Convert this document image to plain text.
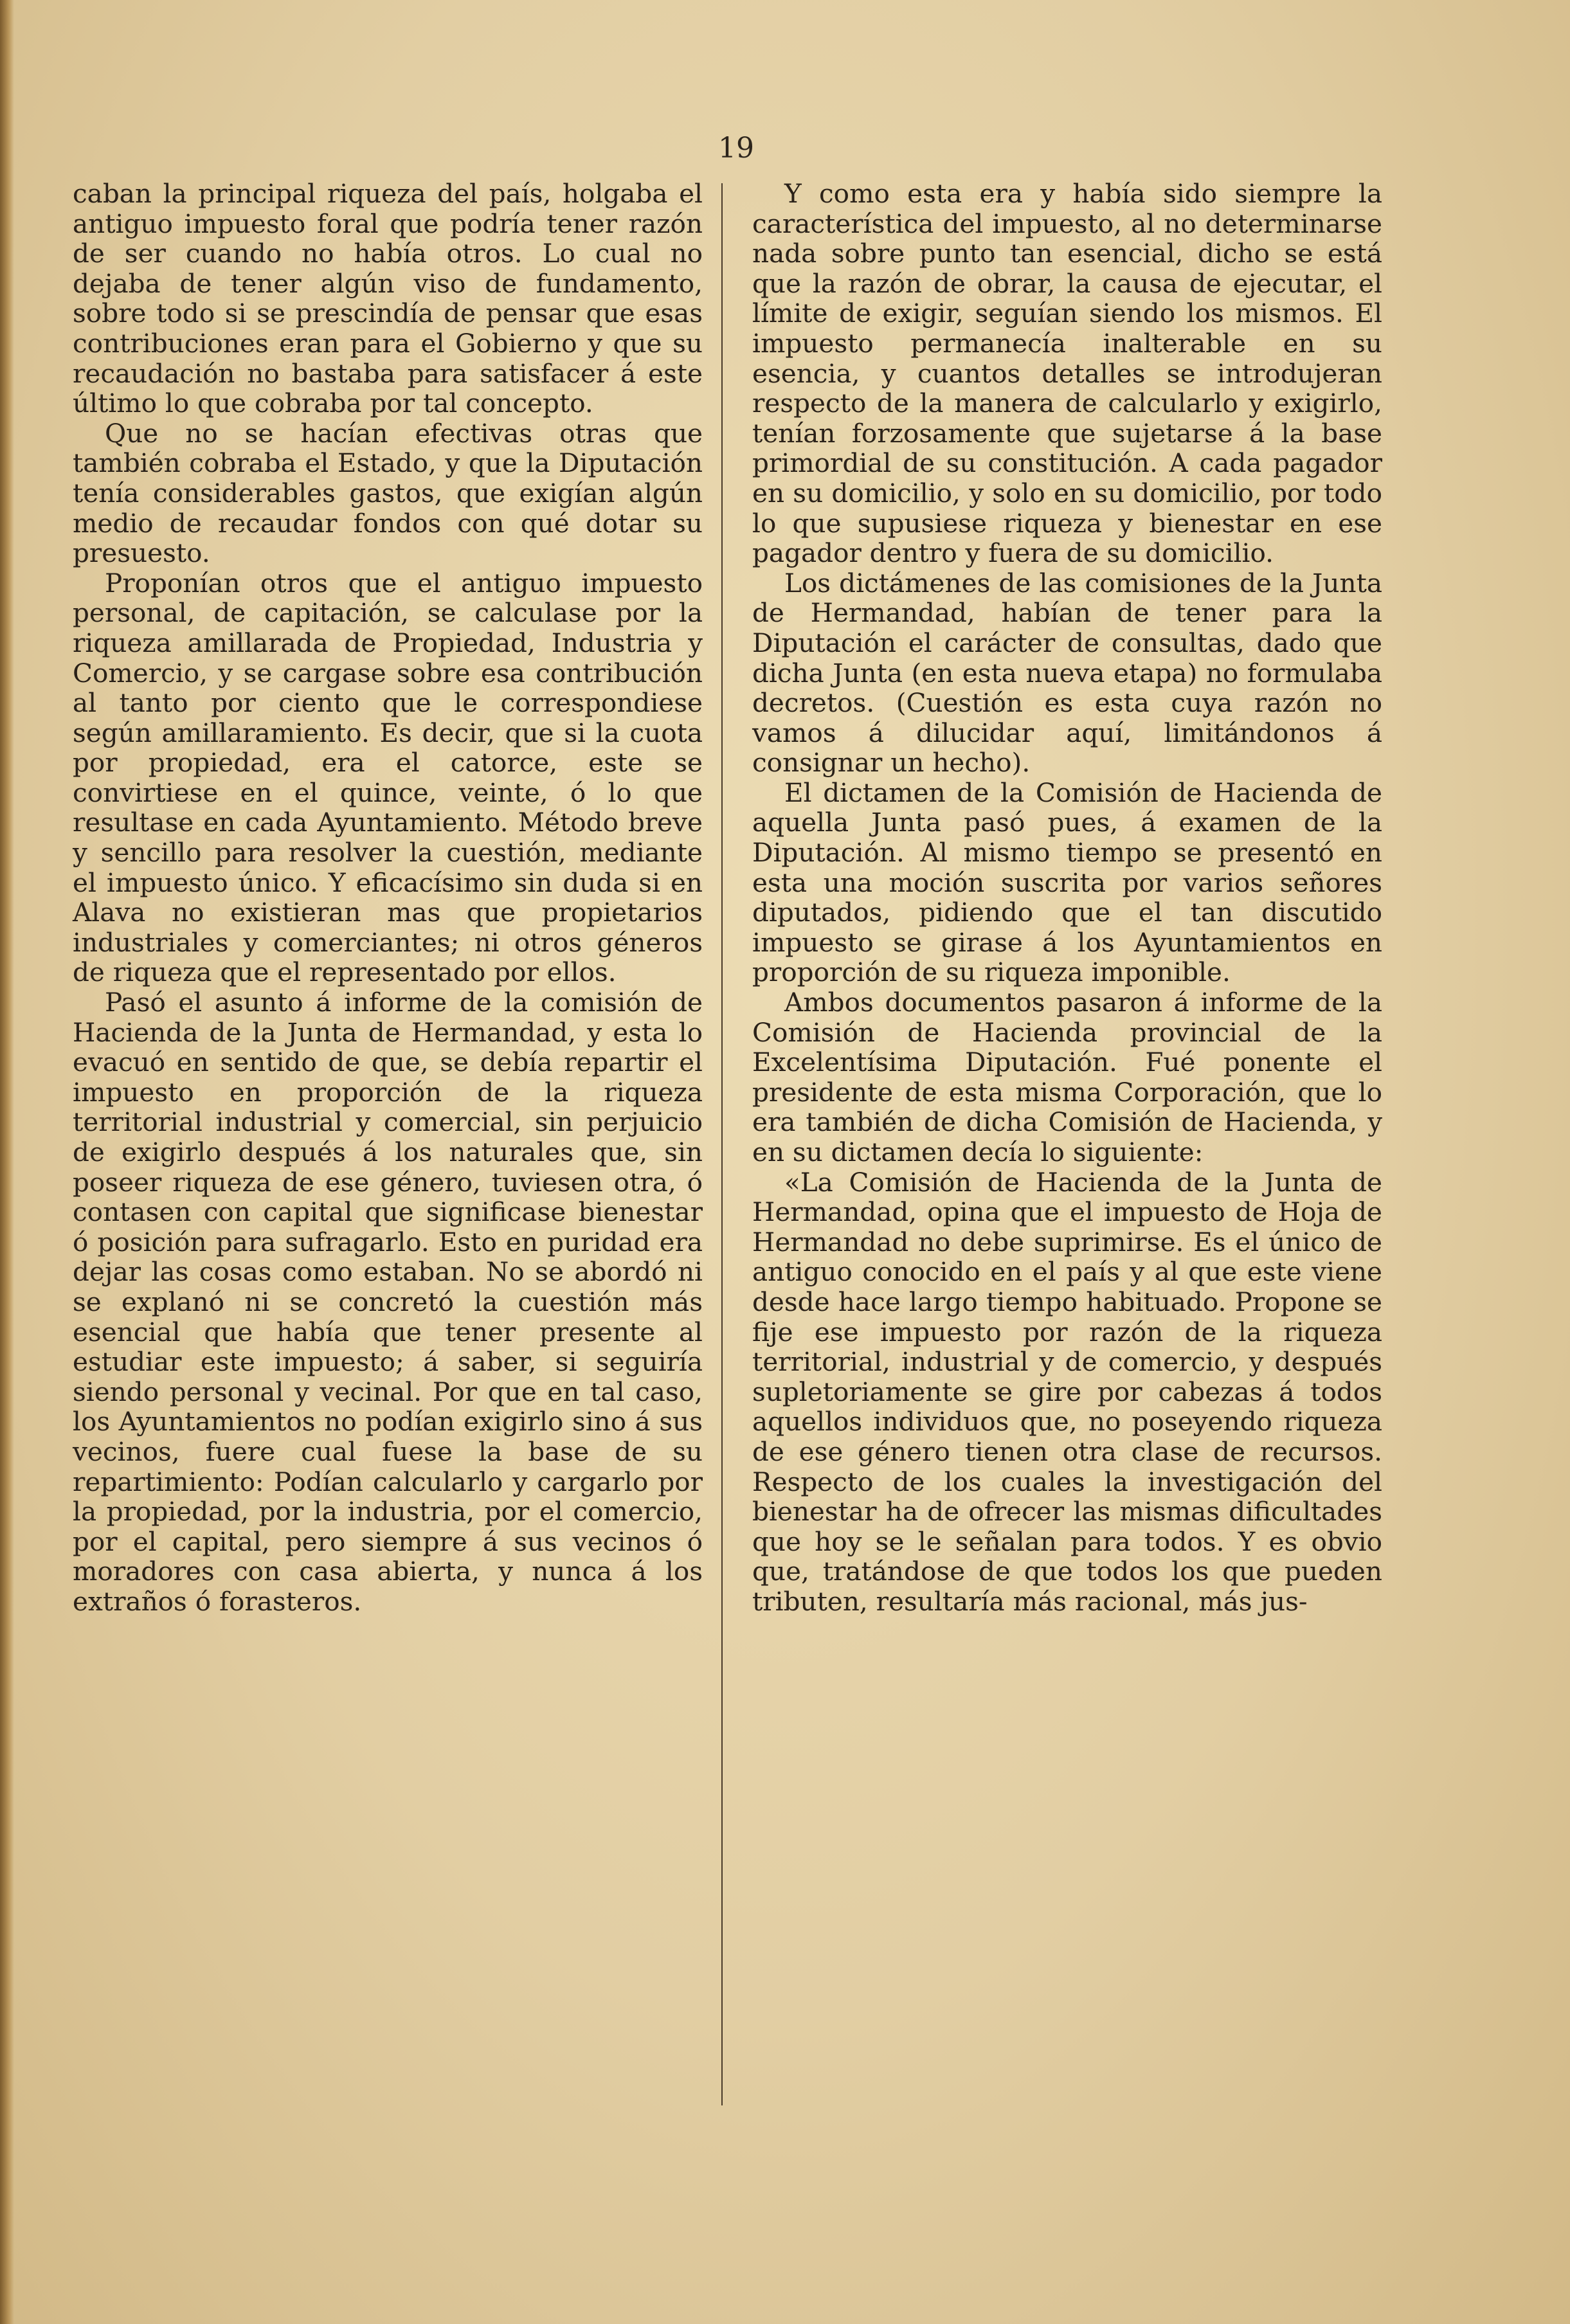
19

caban la principal riqueza del país, holgaba el antiguo impuesto foral que podría tener razón de ser cuando no había otros. Lo cual no dejaba de tener algún viso de fundamento, sobre todo si se prescindía de pensar que esas contribuciones eran para el Gobierno y que su recaudación no bastaba para satisfacer á este último lo que cobraba por tal concepto.

Que no se hacían efectivas otras que también cobraba el Estado, y que la Diputación tenía considerables gastos, que exigían algún medio de recaudar fondos con qué dotar su presuesto.

Proponían otros que el antiguo impuesto personal, de capitación, se calculase por la riqueza amillarada de Propiedad, Industria y Comercio, y se cargase sobre esa contribución al tanto por ciento que le correspondiese según amillaramiento. Es decir, que si la cuota por propiedad, era el catorce, este se convirtiese en el quince, veinte, ó lo que resultase en cada Ayuntamiento. Método breve y sencillo para resolver la cuestión, mediante el impuesto único. Y eficacísimo sin duda si en Alava no existieran mas que propietarios industriales y comerciantes; ni otros géneros de riqueza que el representado por ellos.

Pasó el asunto á informe de la comisión de Hacienda de la Junta de Hermandad, y esta lo evacuó en sentido de que, se debía repartir el impuesto en proporción de la riqueza territorial industrial y comercial, sin perjuicio de exigirlo después á los naturales que, sin poseer riqueza de ese género, tuviesen otra, ó contasen con capital que significase bienestar ó posición para sufragarlo. Esto en puridad era dejar las cosas como estaban. No se abordó ni se explanó ni se concretó la cuestión más esencial que había que tener presente al estudiar este impuesto; á saber, si seguiría siendo personal y vecinal. Por que en tal caso, los Ayuntamientos no podían exigirlo sino á sus vecinos, fuere cual fuese la base de su repartimiento: Podían calcularlo y cargarlo por la propiedad, por la industria, por el comercio, por el capital, pero siempre á sus vecinos ó moradores con casa abierta, y nunca á los extraños ó forasteros.

Y como esta era y había sido siempre la característica del impuesto, al no determinarse nada sobre punto tan esencial, dicho se está que la razón de obrar, la causa de ejecutar, el límite de exigir, seguían siendo los mismos. El impuesto permanecía inalterable en su esencia, y cuantos detalles se introdujeran respecto de la manera de calcularlo y exigirlo, tenían forzosamente que sujetarse á la base primordial de su constitución. A cada pagador en su domicilio, y solo en su domicilio, por todo lo que supusiese riqueza y bienestar en ese pagador dentro y fuera de su domicilio.

Los dictámenes de las comisiones de la Junta de Hermandad, habían de tener para la Diputación el carácter de consultas, dado que dicha Junta (en esta nueva etapa) no formulaba decretos. (Cuestión es esta cuya razón no vamos á dilucidar aquí, limitándonos á consignar un hecho).

El dictamen de la Comisión de Hacienda de aquella Junta pasó pues, á examen de la Diputación. Al mismo tiempo se presentó en esta una moción suscrita por varios señores diputados, pidiendo que el tan discutido impuesto se girase á los Ayuntamientos en proporción de su riqueza imponible.

Ambos documentos pasaron á informe de la Comisión de Hacienda provincial de la Excelentísima Diputación. Fué ponente el presidente de esta misma Corporación, que lo era también de dicha Comisión de Hacienda, y en su dictamen decía lo siguiente:

«La Comisión de Hacienda de la Junta de Hermandad, opina que el impuesto de Hoja de Hermandad no debe suprimirse. Es el único de antiguo conocido en el país y al que este viene desde hace largo tiempo habituado. Propone se fije ese impuesto por razón de la riqueza territorial, industrial y de comercio, y después supletoriamente se gire por cabezas á todos aquellos individuos que, no poseyendo riqueza de ese género tienen otra clase de recursos. Respecto de los cuales la investigación del bienestar ha de ofrecer las mismas dificultades que hoy se le señalan para todos. Y es obvio que, tratándose de que todos los que pueden tributen, resultaría más racional, más jus-
